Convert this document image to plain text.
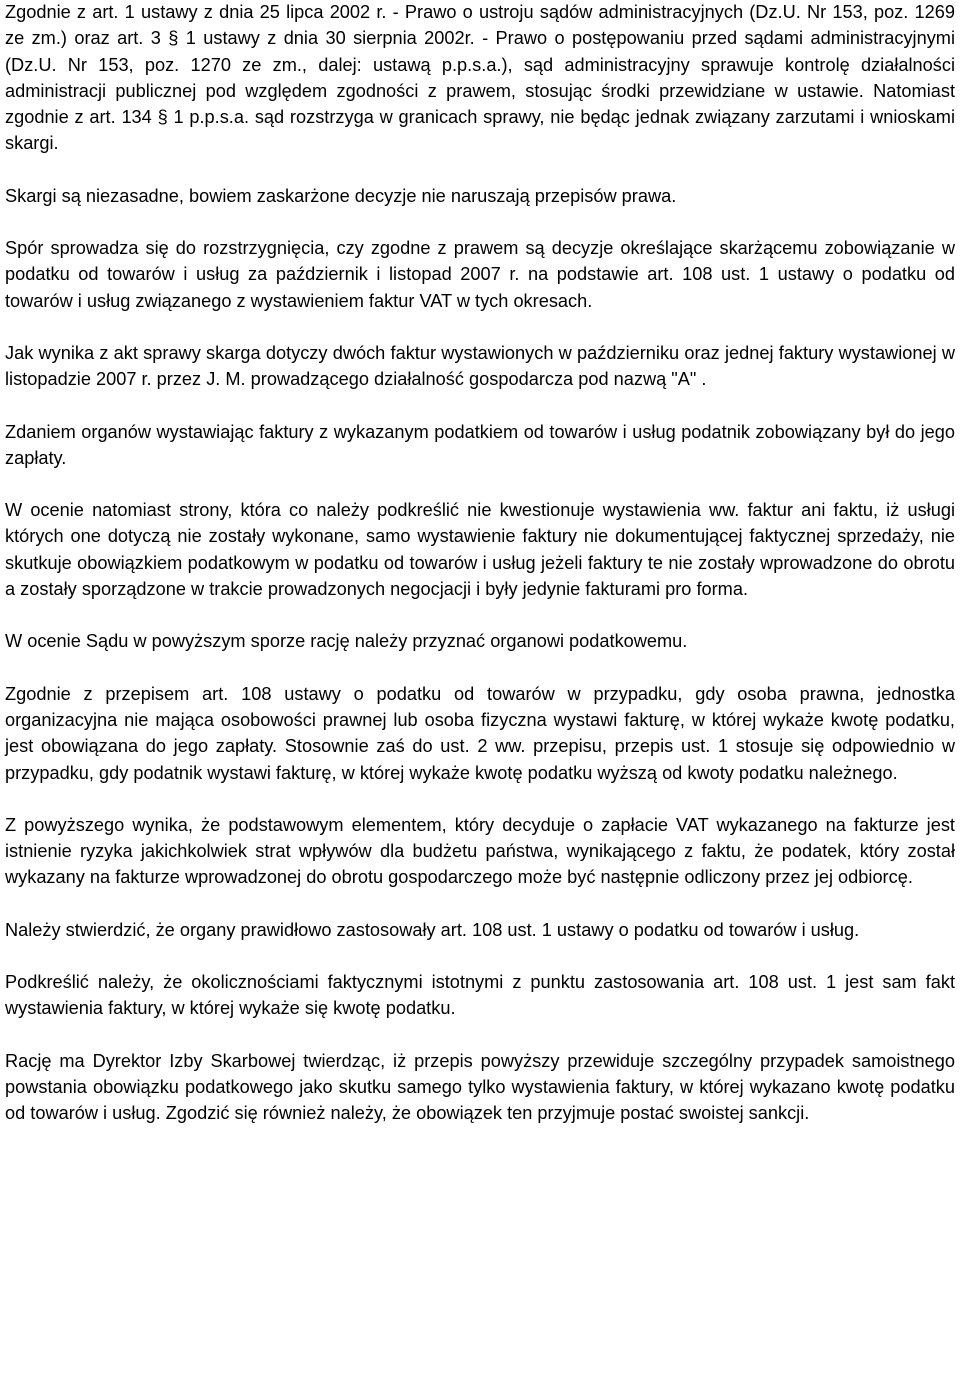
Zgodnie z art. 1 ustawy z dnia 25 lipca 2002 r. - Prawo o ustroju sądów administracyjnych (Dz.U. Nr 153, poz. 1269 ze zm.) oraz art. 3 § 1 ustawy z dnia 30 sierpnia 2002r. - Prawo o postępowaniu przed sądami administracyjnymi (Dz.U. Nr 153, poz. 1270 ze zm., dalej: ustawą p.p.s.a.), sąd administracyjny sprawuje kontrolę działalności administracji publicznej pod względem zgodności z prawem, stosując środki przewidziane w ustawie. Natomiast zgodnie z art. 134 § 1 p.p.s.a. sąd rozstrzyga w granicach sprawy, nie będąc jednak związany zarzutami i wnioskami skargi.

Skargi są niezasadne, bowiem zaskarżone decyzje nie naruszają przepisów prawa.

Spór sprowadza się do rozstrzygnięcia, czy zgodne z prawem są decyzje określające skarżącemu zobowiązanie w podatku od towarów i usług za październik i listopad 2007 r. na podstawie art. 108 ust. 1 ustawy o podatku od towarów i usług związanego z wystawieniem faktur VAT w tych okresach.

Jak wynika z akt sprawy skarga dotyczy dwóch faktur wystawionych w październiku oraz jednej faktury wystawionej w listopadzie 2007 r. przez J. M. prowadzącego działalność gospodarcza pod nazwą "A" .

Zdaniem organów wystawiając faktury z wykazanym podatkiem od towarów i usług podatnik zobowiązany był do jego zapłaty.

W ocenie natomiast strony, która co należy podkreślić nie kwestionuje wystawienia ww. faktur ani faktu, iż usługi których one dotyczą nie zostały wykonane, samo wystawienie faktury nie dokumentującej faktycznej sprzedaży, nie skutkuje obowiązkiem podatkowym w podatku od towarów i usług jeżeli faktury te nie zostały wprowadzone do obrotu a zostały sporządzone w trakcie prowadzonych negocjacji i były jedynie fakturami pro forma.

W ocenie Sądu w powyższym sporze rację należy przyznać organowi podatkowemu.

Zgodnie z przepisem art. 108 ustawy o podatku od towarów w przypadku, gdy osoba prawna, jednostka organizacyjna nie mająca osobowości prawnej lub osoba fizyczna wystawi fakturę, w której wykaże kwotę podatku, jest obowiązana do jego zapłaty. Stosownie zaś do ust. 2 ww. przepisu, przepis ust. 1 stosuje się odpowiednio w przypadku, gdy podatnik wystawi fakturę, w której wykaże kwotę podatku wyższą od kwoty podatku należnego.

Z powyższego wynika, że podstawowym elementem, który decyduje o zapłacie VAT wykazanego na fakturze jest istnienie ryzyka jakichkolwiek strat wpływów dla budżetu państwa, wynikającego z faktu, że podatek, który został wykazany na fakturze wprowadzonej do obrotu gospodarczego może być następnie odliczony przez jej odbiorcę.

Należy stwierdzić, że organy prawidłowo zastosowały art. 108 ust. 1 ustawy o podatku od towarów i usług.

Podkreślić należy, że okolicznościami faktycznymi istotnymi z punktu zastosowania art. 108 ust. 1 jest sam fakt wystawienia faktury, w której wykaże się kwotę podatku.

Rację ma Dyrektor Izby Skarbowej twierdząc, iż przepis powyższy przewiduje szczególny przypadek samoistnego powstania obowiązku podatkowego jako skutku samego tylko wystawienia faktury, w której wykazano kwotę podatku od towarów i usług. Zgodzić się również należy, że obowiązek ten przyjmuje postać swoistej sankcji.
